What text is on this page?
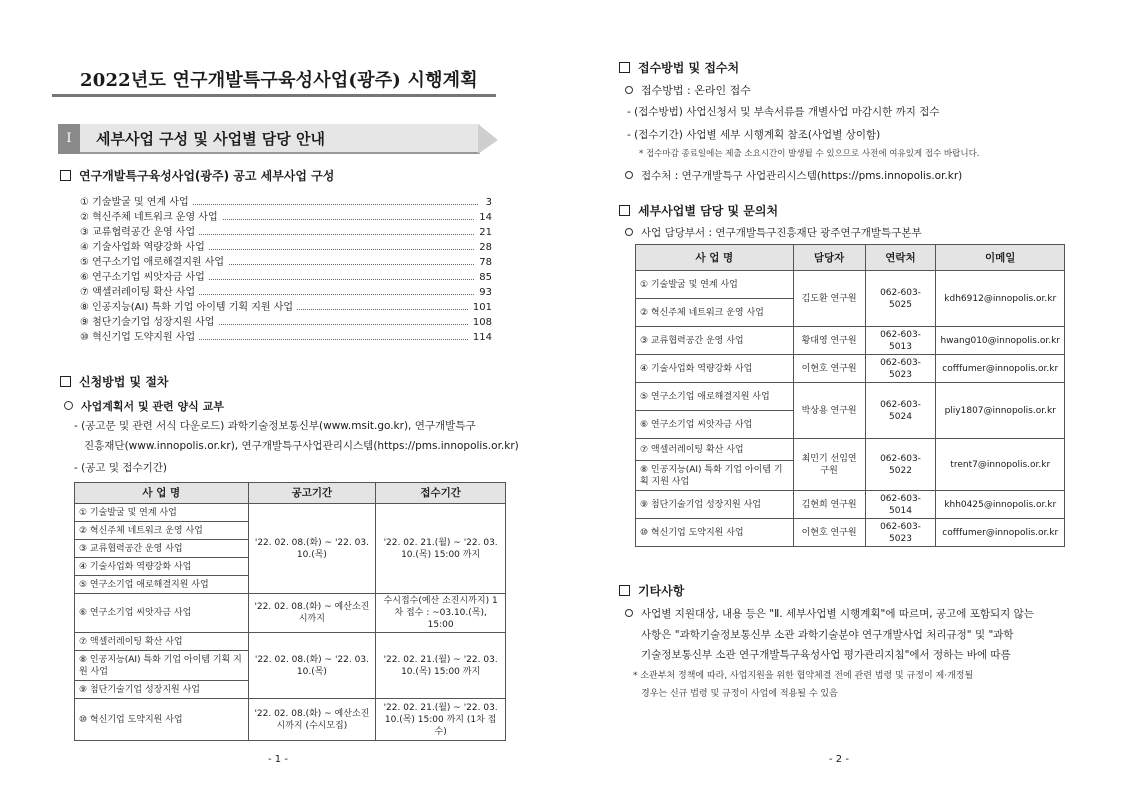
2022년도 연구개발특구육성사업(광주) 시행계획
Ⅰ	세부사업 구성 및 사업별 담당 안내
연구개발특구육성사업(광주) 공고 세부사업 구성
① 기술발굴 및 연계 사업	3
② 혁신주체 네트워크 운영 사업	14
③ 교류협력공간 운영 사업	21
④ 기술사업화 역량강화 사업	28
⑤ 연구소기업 애로해결지원 사업	78
⑥ 연구소기업 씨앗자금 사업	85
⑦ 액셀러레이팅 확산 사업	93
⑧ 인공지능(AI) 특화 기업 아이템 기획 지원 사업	101
⑨ 첨단기술기업 성장지원 사업	108
⑩ 혁신기업 도약지원 사업	114
신청방법 및 절차
사업계획서 및 관련 양식 교부
- (공고문 및 관련 서식 다운로드) 과학기술정보통신부(www.msit.go.kr), 연구개발특구
진흥재단(www.innopolis.or.kr), 연구개발특구사업관리시스템(https://pms.innopolis.or.kr)
- (공고 및 접수기간)
사 업 명	공고기간	접수기간
① 기술발굴 및 연계 사업	'22. 02. 08.(화) ~ '22. 03. 10.(목)	'22. 02. 21.(월) ~ '22. 03. 10.(목) 15:00 까지
② 혁신주체 네트워크 운영 사업		
③ 교류협력공간 운영 사업		
④ 기술사업화 역량강화 사업		
⑤ 연구소기업 애로해결지원 사업		
⑥ 연구소기업 씨앗자금 사업	'22. 02. 08.(화) ~ 예산소진시까지	수시접수(예산 소진시까지) 1차 접수 : ~03.10.(목), 15:00
⑦ 액셀러레이팅 확산 사업	'22. 02. 08.(화) ~ '22. 03. 10.(목)	'22. 02. 21.(월) ~ '22. 03. 10.(목) 15:00 까지
⑧ 인공지능(AI) 특화 기업 아이템 기획 지원 사업		
⑨ 첨단기술기업 성장지원 사업		
⑩ 혁신기업 도약지원 사업	'22. 02. 08.(화) ~ 예산소진시까지 (수시모집)	'22. 02. 21.(월) ~ '22. 03. 10.(목) 15:00 까지 (1차 접수)
- 1 -
접수방법 및 접수처
접수방법 : 온라인 접수
- (접수방법) 사업신청서 및 부속서류를 개별사업 마감시한 까지 접수
- (접수기간) 사업별 세부 시행계획 참조(사업별 상이함)
* 접수마감 종료일에는 제출 소요시간이 발생될 수 있으므로 사전에 여유있게 접수 바랍니다.
접수처 : 연구개발특구 사업관리시스템(https://pms.innopolis.or.kr)
세부사업별 담당 및 문의처
사업 담당부서 : 연구개발특구진흥재단 광주연구개발특구본부
사 업 명	담당자	연락처	이메일
① 기술발굴 및 연계 사업	김도환 연구원	062-603-5025	kdh6912@innopolis.or.kr
② 혁신주체 네트워크 운영 사업			
③ 교류협력공간 운영 사업	황대영 연구원	062-603-5013	hwang010@innopolis.or.kr
④ 기술사업화 역량강화 사업	이현호 연구원	062-603-5023	cofffumer@innopolis.or.kr
⑤ 연구소기업 애로해결지원 사업	박상용 연구원	062-603-5024	pliy1807@innopolis.or.kr
⑥ 연구소기업 씨앗자금 사업			
⑦ 액셀러레이팅 확산 사업	최민기 선임연구원	062-603-5022	trent7@innopolis.or.kr
⑧ 인공지능(AI) 특화 기업 아이템 기획 지원 사업			
⑨ 첨단기술기업 성장지원 사업	김현희 연구원	062-603-5014	khh0425@innopolis.or.kr
⑩ 혁신기업 도약지원 사업	이현호 연구원	062-603-5023	cofffumer@innopolis.or.kr
기타사항
사업별 지원대상, 내용 등은 "Ⅱ. 세부사업별 시행계획"에 따르며, 공고에 포함되지 않는
사항은 "과학기술정보통신부 소관 과학기술분야 연구개발사업 처리규정" 및 "과학
기술정보통신부 소관 연구개발특구육성사업 평가관리지침"에서 정하는 바에 따름
* 소관부처 정책에 따라, 사업지원을 위한 협약체결 전에 관련 법령 및 규정이 제·개정될
경우는 신규 법령 및 규정이 사업에 적용될 수 있음
- 2 -
